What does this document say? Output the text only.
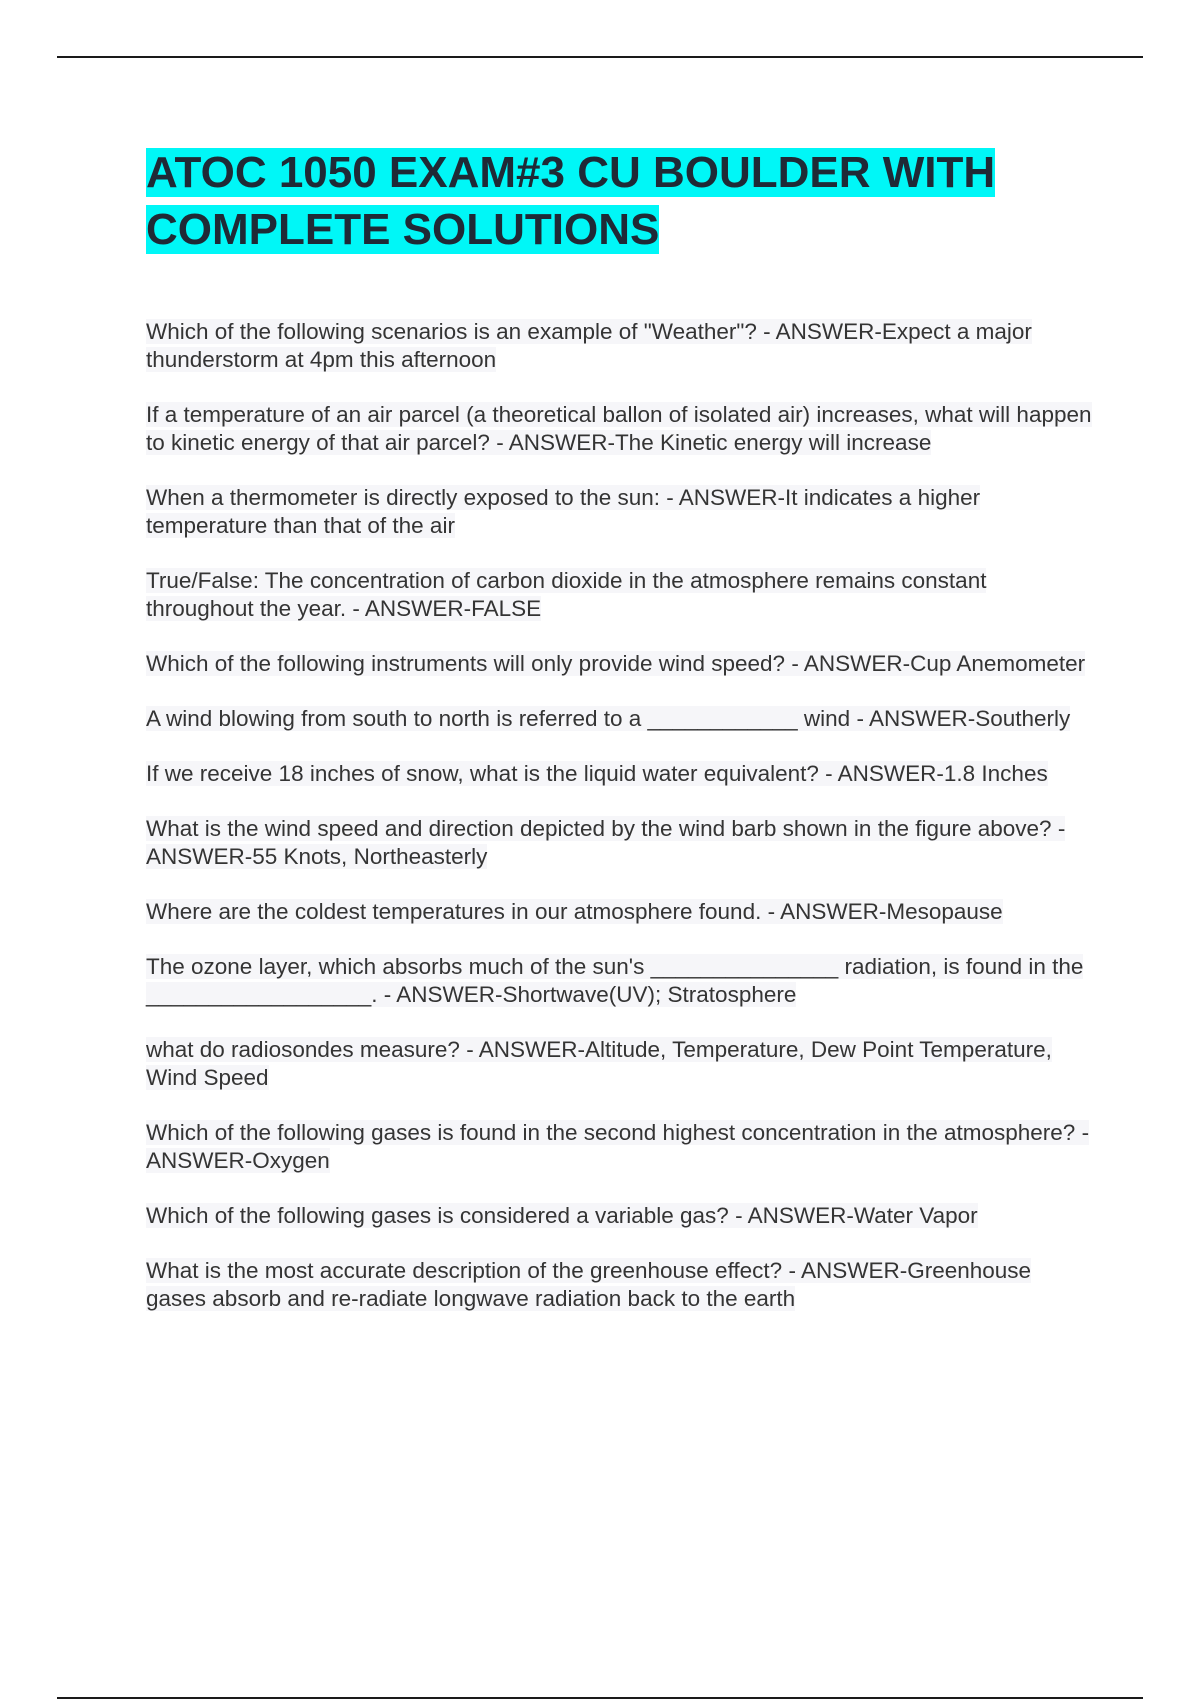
ATOC 1050 EXAM#3 CU BOULDER WITH COMPLETE SOLUTIONS
Which of the following scenarios is an example of "Weather"? - ANSWER-Expect a major thunderstorm at 4pm this afternoon
If a temperature of an air parcel (a theoretical ballon of isolated air) increases, what will happen to kinetic energy of that air parcel? - ANSWER-The Kinetic energy will increase
When a thermometer is directly exposed to the sun: - ANSWER-It indicates a higher temperature than that of the air
True/False: The concentration of carbon dioxide in the atmosphere remains constant throughout the year. - ANSWER-FALSE
Which of the following instruments will only provide wind speed? - ANSWER-Cup Anemometer
A wind blowing from south to north is referred to a ____________ wind - ANSWER-Southerly
If we receive 18 inches of snow, what is the liquid water equivalent? - ANSWER-1.8 Inches
What is the wind speed and direction depicted by the wind barb shown in the figure above? - ANSWER-55 Knots, Northeasterly
Where are the coldest temperatures in our atmosphere found. - ANSWER-Mesopause
The ozone layer, which absorbs much of the sun's _______________ radiation, is found in the __________________. - ANSWER-Shortwave(UV); Stratosphere
what do radiosondes measure? - ANSWER-Altitude, Temperature, Dew Point Temperature, Wind Speed
Which of the following gases is found in the second highest concentration in the atmosphere? - ANSWER-Oxygen
Which of the following gases is considered a variable gas? - ANSWER-Water Vapor
What is the most accurate description of the greenhouse effect? - ANSWER-Greenhouse gases absorb and re-radiate longwave radiation back to the earth
